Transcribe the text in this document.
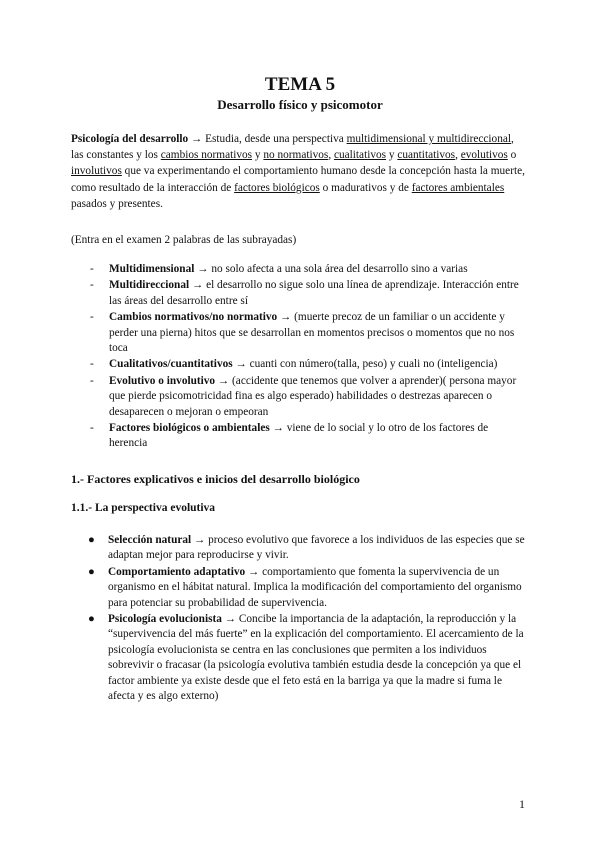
TEMA 5
Desarrollo físico y psicomotor
Psicología del desarrollo → Estudia, desde una perspectiva multidimensional y multidireccional, las constantes y los cambios normativos y no normativos, cualitativos y cuantitativos, evolutivos o involutivos que va experimentando el comportamiento humano desde la concepción hasta la muerte, como resultado de la interacción de factores biológicos o madurativos y de factores ambientales pasados y presentes.
(Entra en el examen 2 palabras de las subrayadas)
- Multidimensional → no solo afecta a una sola área del desarrollo sino a varias
- Multidireccional → el desarrollo no sigue solo una línea de aprendizaje. Interacción entre las áreas del desarrollo entre sí
- Cambios normativos/no normativo → (muerte precoz de un familiar o un accidente y perder una pierna) hitos que se desarrollan en momentos precisos o momentos que no nos toca
- Cualitativos/cuantitativos → cuanti con número(talla, peso) y cuali no (inteligencia)
- Evolutivo o involutivo → (accidente que tenemos que volver a aprender)( persona mayor que pierde psicomotricidad fina es algo esperado) habilidades o destrezas aparecen o desaparecen o mejoran o empeoran
- Factores biológicos o ambientales → viene de lo social y lo otro de los factores de herencia
1.- Factores explicativos e inicios del desarrollo biológico
1.1.- La perspectiva evolutiva
● Selección natural → proceso evolutivo que favorece a los individuos de las especies que se adaptan mejor para reproducirse y vivir.
● Comportamiento adaptativo → comportamiento que fomenta la supervivencia de un organismo en el hábitat natural. Implica la modificación del comportamiento del organismo para potenciar su probabilidad de supervivencia.
● Psicología evolucionista → Concibe la importancia de la adaptación, la reproducción y la “supervivencia del más fuerte” en la explicación del comportamiento. El acercamiento de la psicología evolucionista se centra en las conclusiones que permiten a los individuos sobrevivir o fracasar (la psicología evolutiva también estudia desde la concepción ya que el factor ambiente ya existe desde que el feto está en la barriga ya que la madre si fuma le afecta y es algo externo)
1
